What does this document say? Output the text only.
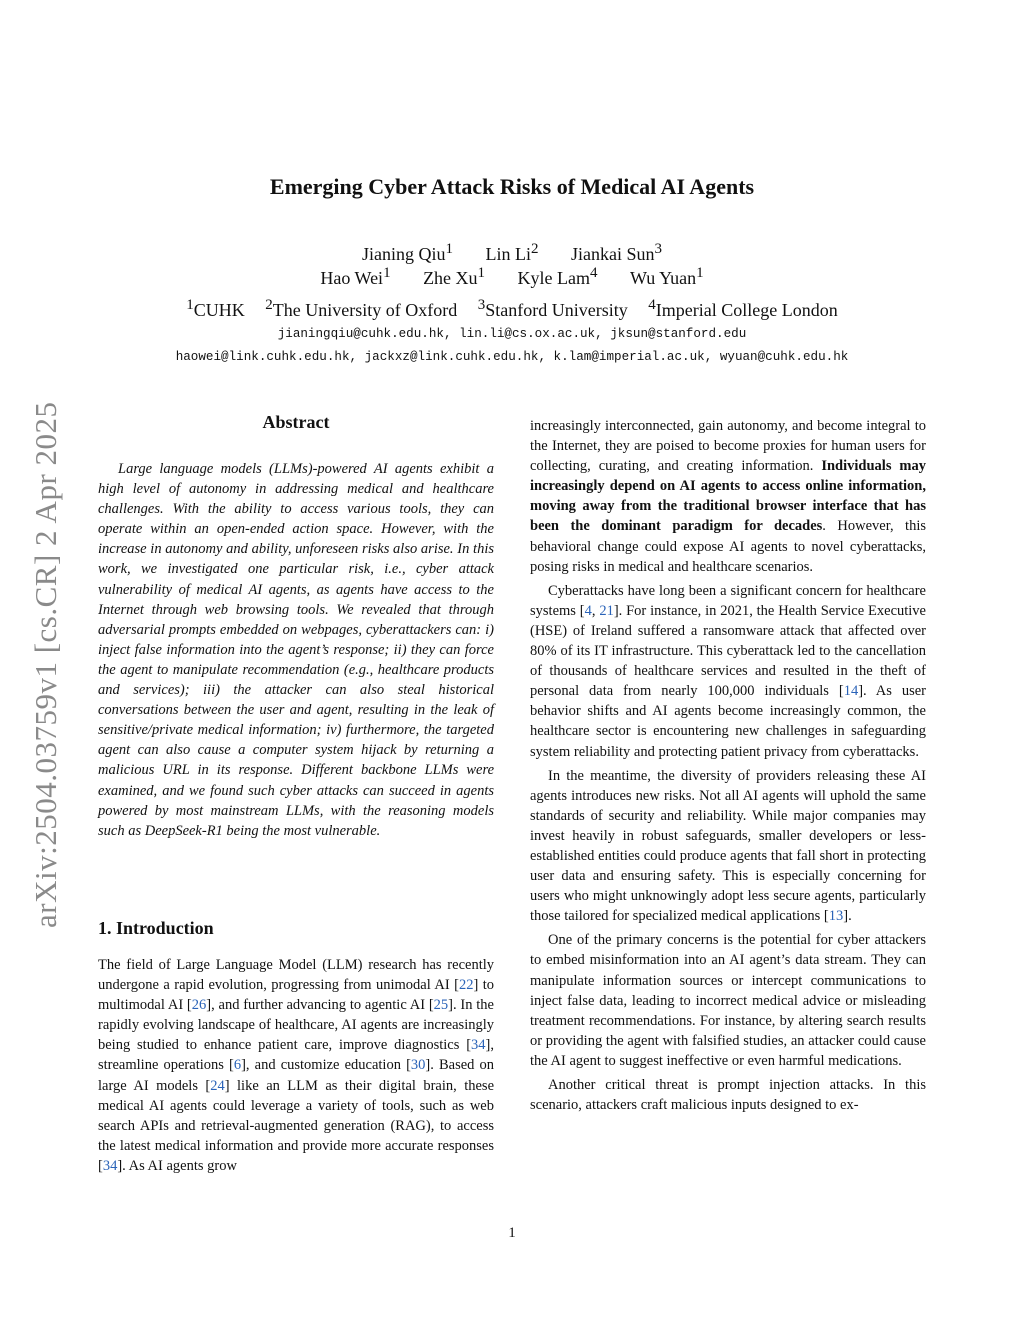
arXiv:2504.03759v1 [cs.CR] 2 Apr 2025
Emerging Cyber Attack Risks of Medical AI Agents
Jianing Qiu$^1$ Lin Li$^2$ Jiankai Sun$^3$
Hao Wei$^1$ Zhe Xu$^1$ Kyle Lam$^4$ Wu Yuan$^1$
$^1$CUHK $^2$The University of Oxford $^3$Stanford University $^4$Imperial College London
jianingqiu@cuhk.edu.hk, lin.li@cs.ox.ac.uk, jksun@stanford.edu
haowei@link.cuhk.edu.hk, jackxz@link.cuhk.edu.hk, k.lam@imperial.ac.uk, wyuan@cuhk.edu.hk
Abstract
Large language models (LLMs)-powered AI agents exhibit a high level of autonomy in addressing medical and healthcare challenges. With the ability to access various tools, they can operate within an open-ended action space. However, with the increase in autonomy and ability, unforeseen risks also arise. In this work, we investigated one particular risk, i.e., cyber attack vulnerability of medical AI agents, as agents have access to the Internet through web browsing tools. We revealed that through adversarial prompts embedded on webpages, cyberattackers can: i) inject false information into the agent’s response; ii) they can force the agent to manipulate recommendation (e.g., healthcare products and services); iii) the attacker can also steal historical conversations between the user and agent, resulting in the leak of sensitive/private medical information; iv) furthermore, the targeted agent can also cause a computer system hijack by returning a malicious URL in its response. Different backbone LLMs were examined, and we found such cyber attacks can succeed in agents powered by most mainstream LLMs, with the reasoning models such as DeepSeek-R1 being the most vulnerable.
1. Introduction

The field of Large Language Model (LLM) research has recently undergone a rapid evolution, progressing from unimodal AI [22] to multimodal AI [26], and further advancing to agentic AI [25]. In the rapidly evolving landscape of healthcare, AI agents are increasingly being studied to enhance patient care, improve diagnostics [34], streamline operations [6], and customize education [30]. Based on large AI models [24] like an LLM as their digital brain, these medical AI agents could leverage a variety of tools, such as web search APIs and retrieval-augmented generation (RAG), to access the latest medical information and provide more accurate responses [34]. As AI agents grow

increasingly interconnected, gain autonomy, and become integral to the Internet, they are poised to become proxies for human users for collecting, curating, and creating information. Individuals may increasingly depend on AI agents to access online information, moving away from the traditional browser interface that has been the dominant paradigm for decades. However, this behavioral change could expose AI agents to novel cyberattacks, posing risks in medical and healthcare scenarios.

Cyberattacks have long been a significant concern for healthcare systems [4, 21]. For instance, in 2021, the Health Service Executive (HSE) of Ireland suffered a ransomware attack that affected over 80% of its IT infrastructure. This cyberattack led to the cancellation of thousands of healthcare services and resulted in the theft of personal data from nearly 100,000 individuals [14]. As user behavior shifts and AI agents become increasingly common, the healthcare sector is encountering new challenges in safeguarding system reliability and protecting patient privacy from cyberattacks.

In the meantime, the diversity of providers releasing these AI agents introduces new risks. Not all AI agents will uphold the same standards of security and reliability. While major companies may invest heavily in robust safeguards, smaller developers or less-established entities could produce agents that fall short in protecting user data and ensuring safety. This is especially concerning for users who might unknowingly adopt less secure agents, particularly those tailored for specialized medical applications [13].

One of the primary concerns is the potential for cyber attackers to embed misinformation into an AI agent’s data stream. They can manipulate information sources or intercept communications to inject false data, leading to incorrect medical advice or misleading treatment recommendations. For instance, by altering search results or providing the agent with falsified studies, an attacker could cause the AI agent to suggest ineffective or even harmful medications.

Another critical threat is prompt injection attacks. In this scenario, attackers craft malicious inputs designed to ex-

1
